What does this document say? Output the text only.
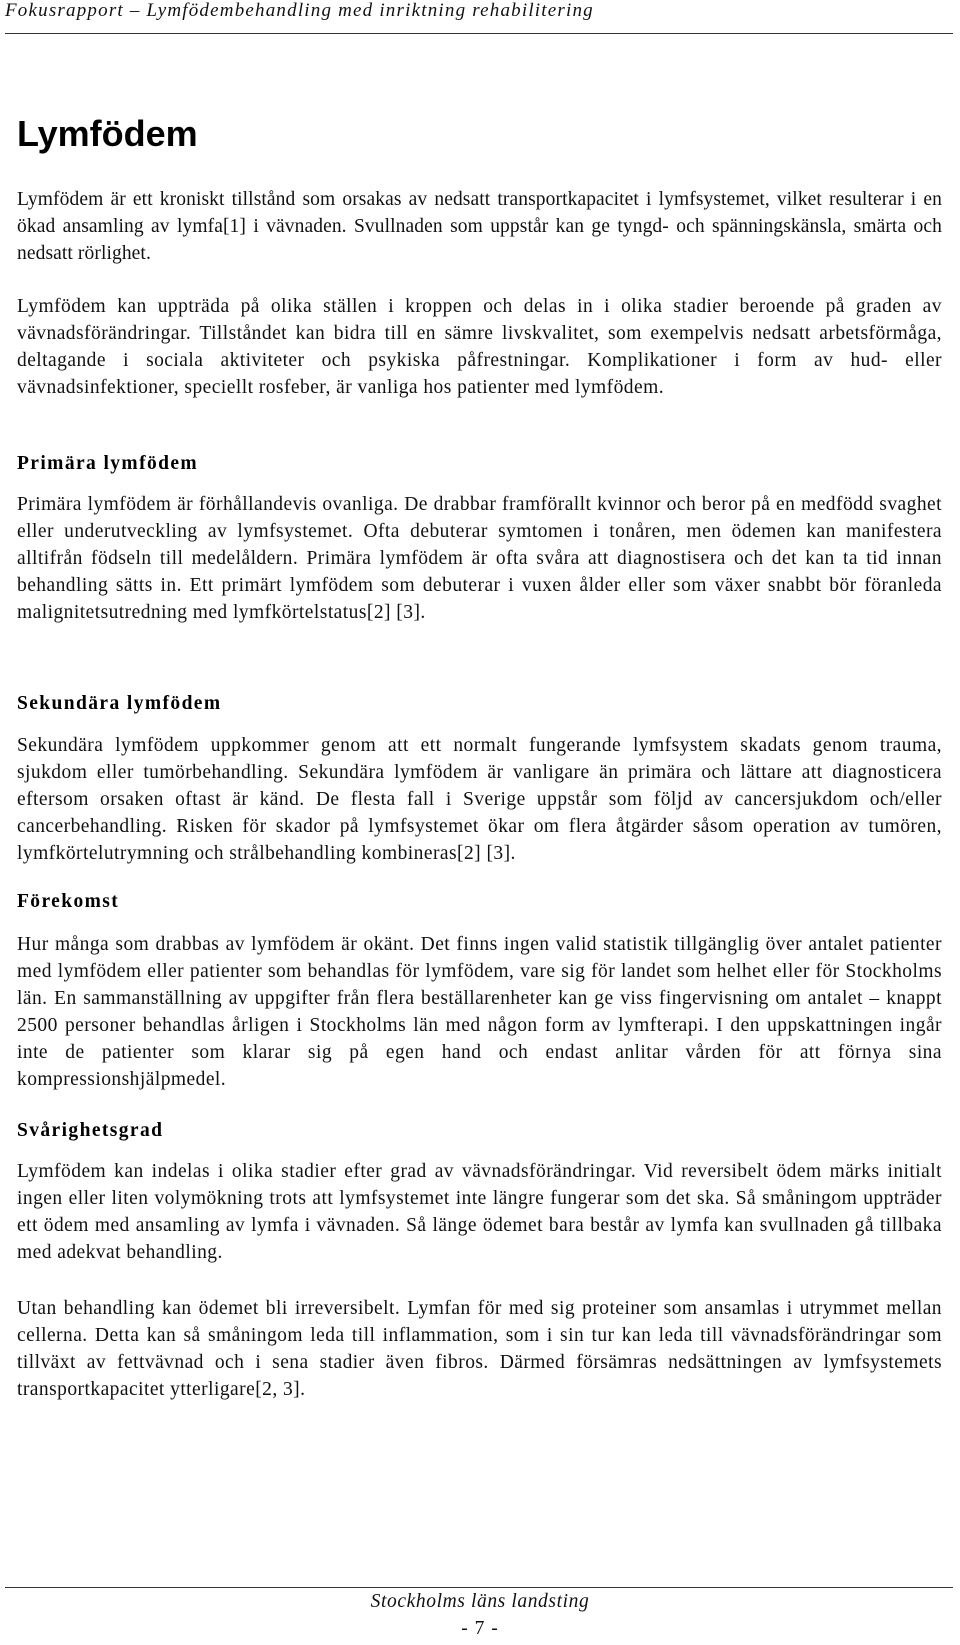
Fokusrapport – Lymfödembehandling med inriktning rehabilitering
Lymfödem

Lymfödem är ett kroniskt tillstånd som orsakas av nedsatt transportkapacitet i lymfsystemet, vilket resulterar i en ökad ansamling av lymfa[1] i vävnaden. Svullnaden som uppstår kan ge tyngd- och spänningskänsla, smärta och nedsatt rörlighet.

Lymfödem kan uppträda på olika ställen i kroppen och delas in i olika stadier beroende på graden av vävnadsförändringar. Tillståndet kan bidra till en sämre livskvalitet, som exempelvis nedsatt arbetsförmåga, deltagande i sociala aktiviteter och psykiska påfrestningar. Komplikationer i form av hud- eller vävnadsinfektioner, speciellt rosfeber, är vanliga hos patienter med lymfödem.

Primära lymfödem

Primära lymfödem är förhållandevis ovanliga. De drabbar framförallt kvinnor och beror på en medfödd svaghet eller underutveckling av lymfsystemet. Ofta debuterar symtomen i tonåren, men ödemen kan manifestera alltifrån födseln till medelåldern. Primära lymfödem är ofta svåra att diagnostisera och det kan ta tid innan behandling sätts in. Ett primärt lymfödem som debuterar i vuxen ålder eller som växer snabbt bör föranleda malignitetsutredning med lymfkörtelstatus[2] [3].

Sekundära lymfödem

Sekundära lymfödem uppkommer genom att ett normalt fungerande lymfsystem skadats genom trauma, sjukdom eller tumörbehandling. Sekundära lymfödem är vanligare än primära och lättare att diagnosticera eftersom orsaken oftast är känd. De flesta fall i Sverige uppstår som följd av cancersjukdom och/eller cancerbehandling. Risken för skador på lymfsystemet ökar om flera åtgärder såsom operation av tumören, lymfkörtelutrymning och strålbehandling kombineras[2] [3].

Förekomst

Hur många som drabbas av lymfödem är okänt. Det finns ingen valid statistik tillgänglig över antalet patienter med lymfödem eller patienter som behandlas för lymfödem, vare sig för landet som helhet eller för Stockholms län. En sammanställning av uppgifter från flera beställarenheter kan ge viss fingervisning om antalet – knappt 2500 personer behandlas årligen i Stockholms län med någon form av lymfterapi. I den uppskattningen ingår inte de patienter som klarar sig på egen hand och endast anlitar vården för att förnya sina kompressionshjälpmedel.

Svårighetsgrad

Lymfödem kan indelas i olika stadier efter grad av vävnadsförändringar. Vid reversibelt ödem märks initialt ingen eller liten volymökning trots att lymfsystemet inte längre fungerar som det ska. Så småningom uppträder ett ödem med ansamling av lymfa i vävnaden. Så länge ödemet bara består av lymfa kan svullnaden gå tillbaka med adekvat behandling.

Utan behandling kan ödemet bli irreversibelt. Lymfan för med sig proteiner som ansamlas i utrymmet mellan cellerna. Detta kan så småningom leda till inflammation, som i sin tur kan leda till vävnadsförändringar som tillväxt av fettvävnad och i sena stadier även fibros. Därmed försämras nedsättningen av lymfsystemets transportkapacitet ytterligare[2, 3].

Stockholms läns landsting
- 7 -
